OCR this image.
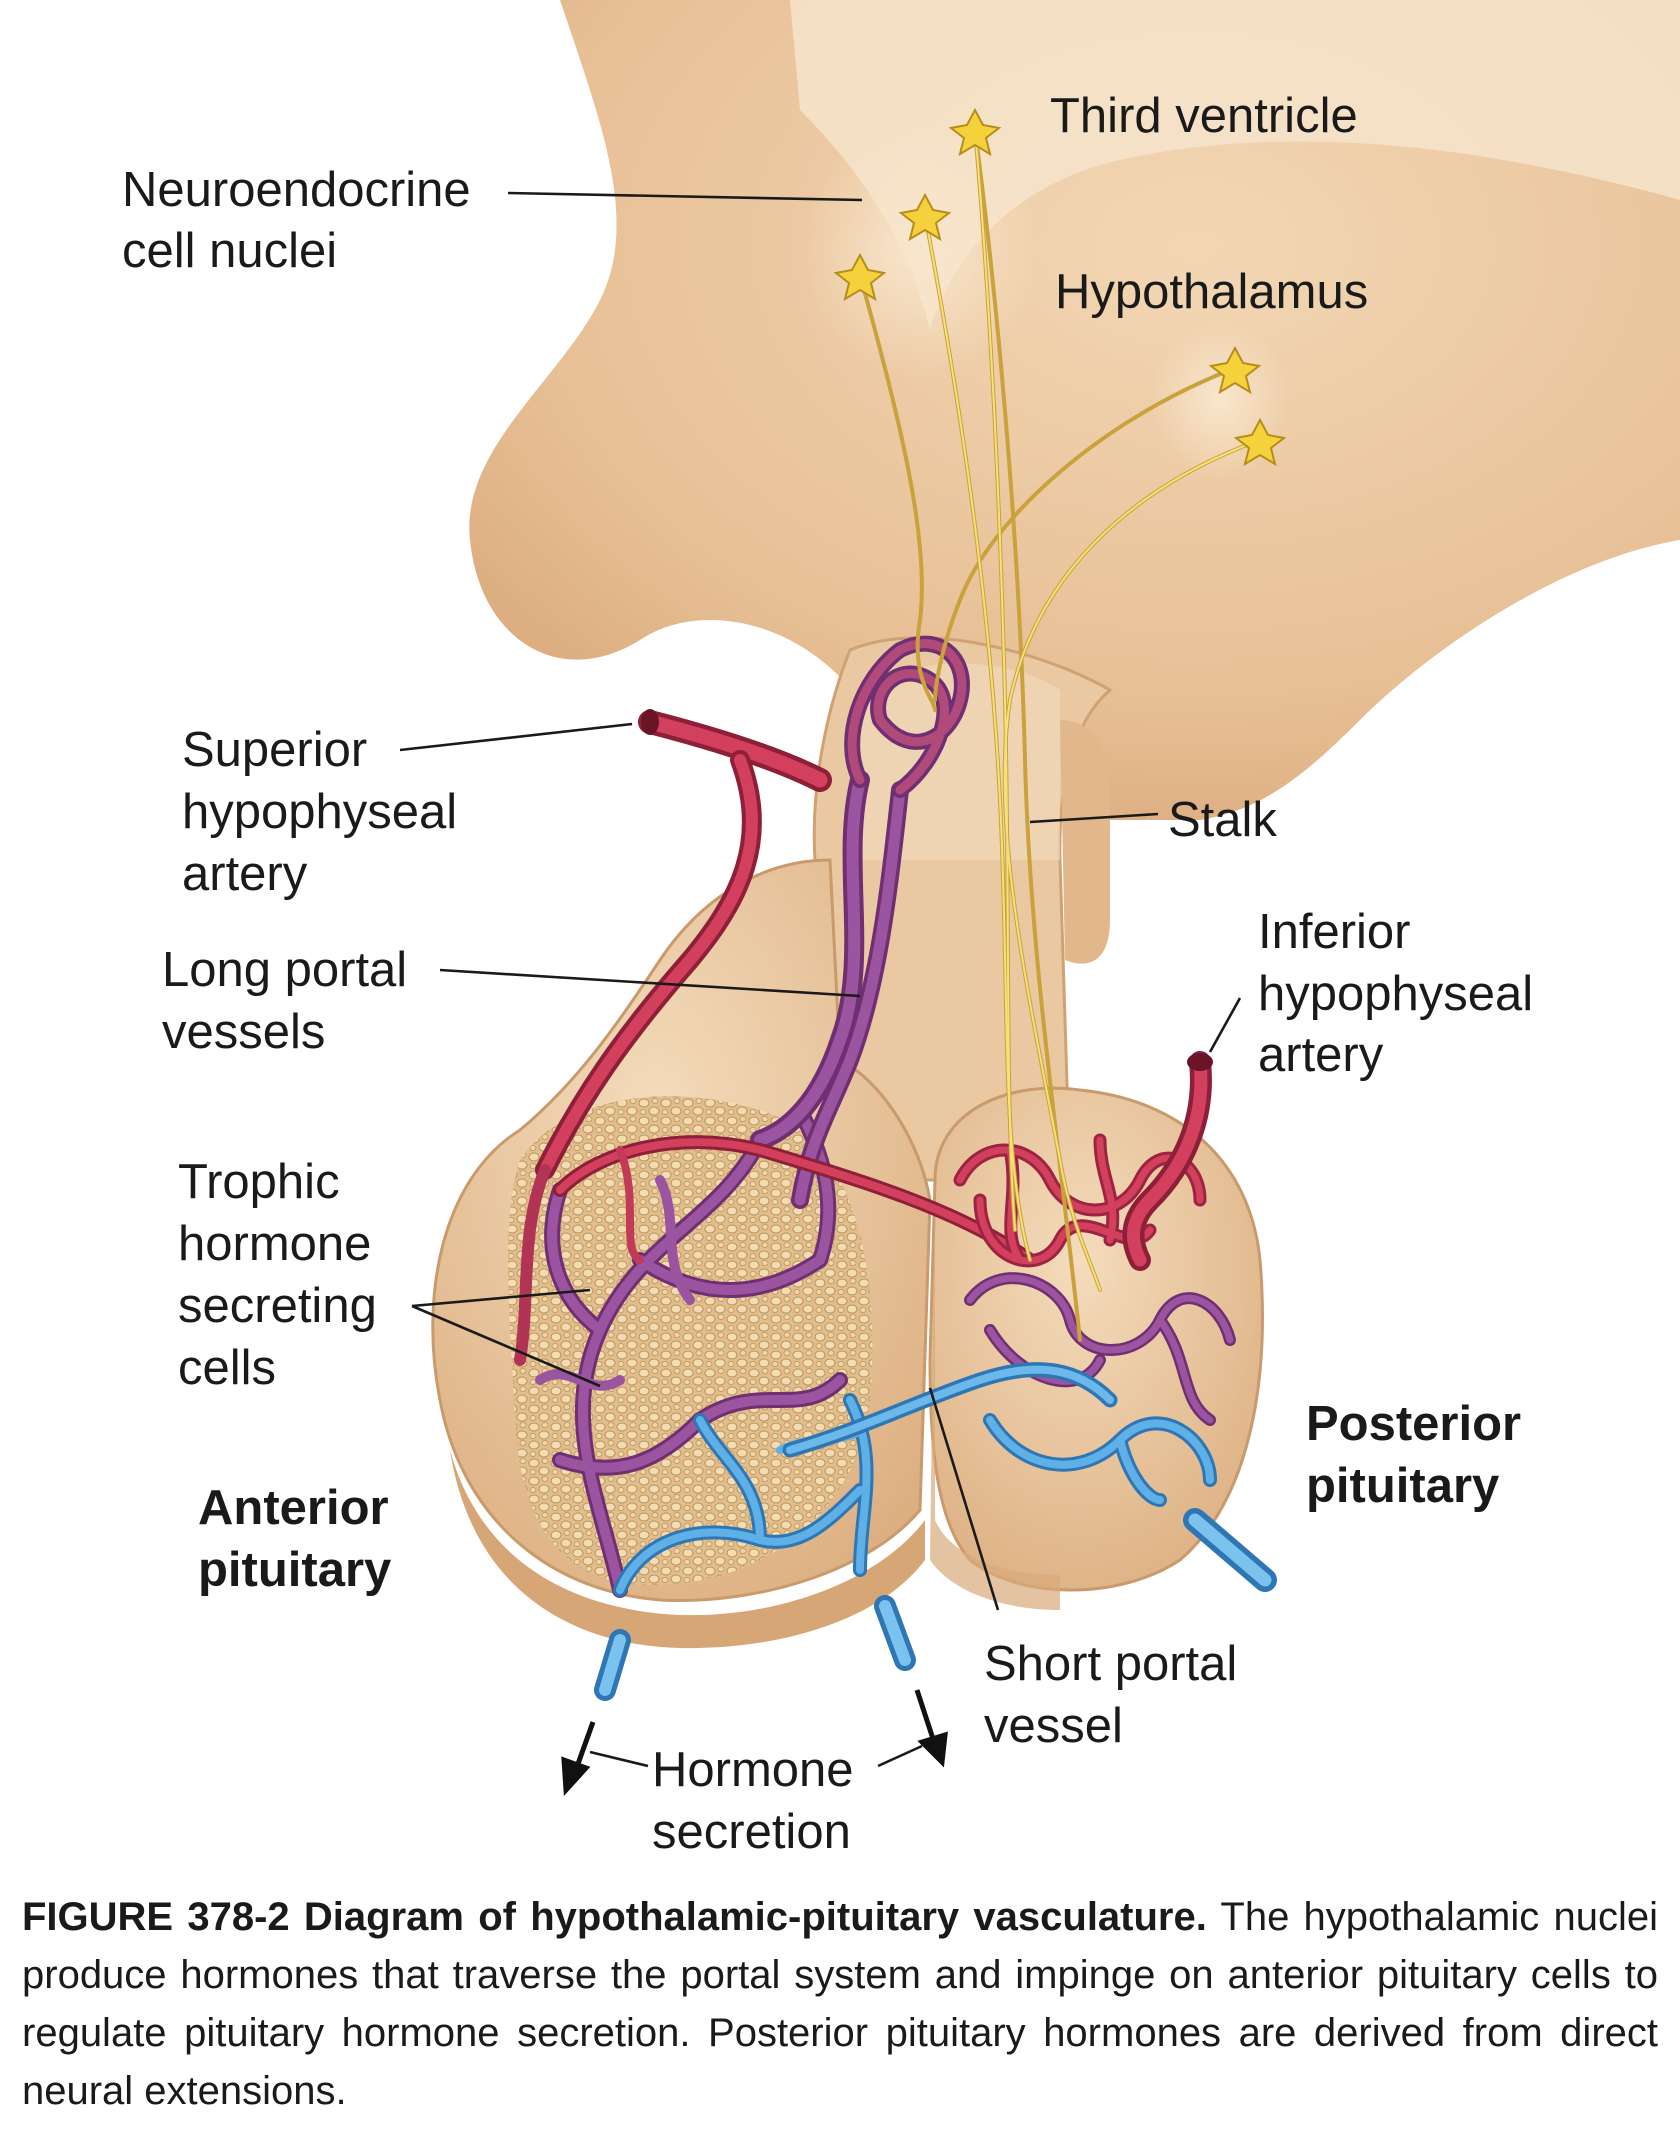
Third ventricle
Neuroendocrine
cell nuclei
Hypothalamus
Superior
hypophyseal
artery
Stalk
Inferior
hypophyseal
artery
Long portal
vessels
Trophic
hormone
secreting
cells
Posterior
pituitary
Anterior
pituitary
Short portal
vessel
Hormone
secretion
FIGURE 378-2 Diagram of hypothalamic-pituitary vasculature. The hypothalamic nuclei produce hormones that traverse the portal system and impinge on anterior pituitary cells to regulate pituitary hormone secretion. Posterior pituitary hormones are derived from direct neural extensions.
